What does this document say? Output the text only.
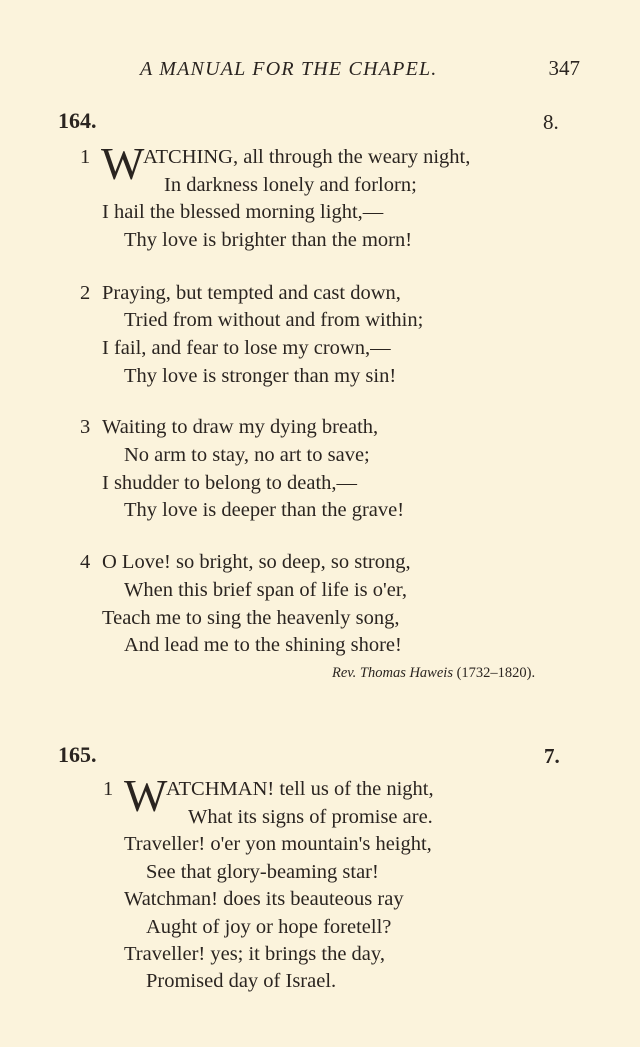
A MANUAL FOR THE CHAPEL.	347
164.	8.
1 W ATCHING, all through the weary night,
In darkness lonely and forlorn;
I hail the blessed morning light,—
Thy love is brighter than the morn!
2 Praying, but tempted and cast down,
Tried from without and from within;
I fail, and fear to lose my crown,—
Thy love is stronger than my sin!
3 Waiting to draw my dying breath,
No arm to stay, no art to save;
I shudder to belong to death,—
Thy love is deeper than the grave!
4 O Love! so bright, so deep, so strong,
When this brief span of life is o'er,
Teach me to sing the heavenly song,
And lead me to the shining shore!
Rev. Thomas Haweis (1732–1820).
165.	7.
1 W ATCHMAN! tell us of the night,
What its signs of promise are.
Traveller! o'er yon mountain's height,
See that glory-beaming star!
Watchman! does its beauteous ray
Aught of joy or hope foretell?
Traveller! yes; it brings the day,
Promised day of Israel.
